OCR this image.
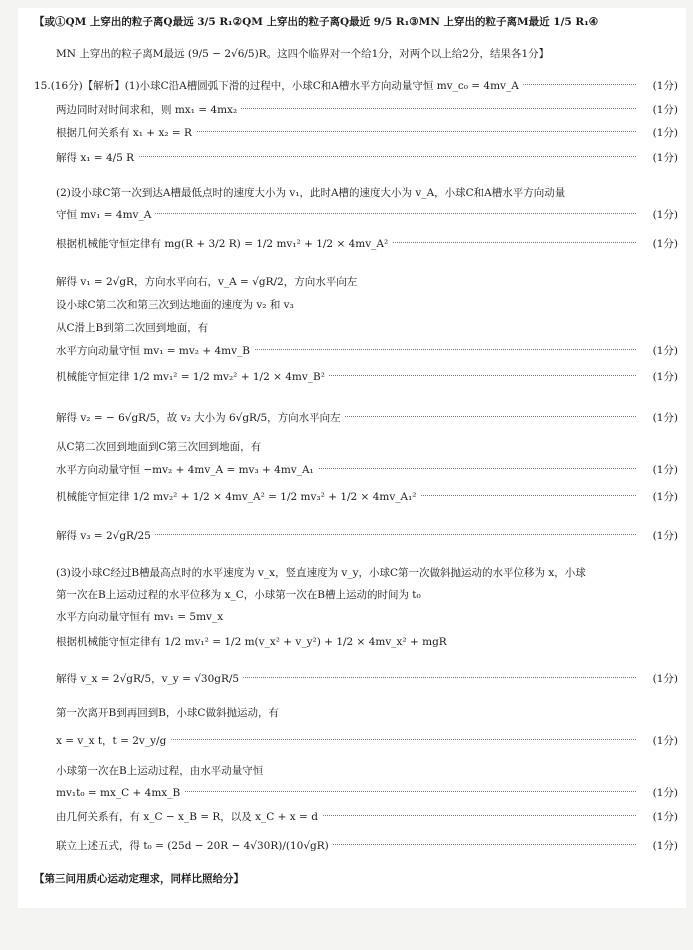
【或①QM 上穿出的粒子离Q最远 3/5 R₁②QM 上穿出的粒子离Q最近 9/5 R₁③MN 上穿出的粒子离M最近 1/5 R₁④
MN 上穿出的粒子离M最远 (9/5 − 2√6/5)R。这四个临界对一个给1分，对两个以上给2分，结果各1分】
15.(16分)【解析】(1)小球C沿A槽圆弧下滑的过程中，小球C和A槽水平方向动量守恒 mv_c₀ = 4mv_A	(1分)
两边同时对时间求和，则 mx₁ = 4mx₂	(1分)
根据几何关系有 x₁ + x₂ = R	(1分)
解得 x₁ = 4/5 R	(1分)
(2)设小球C第一次到达A槽最低点时的速度大小为 v₁，此时A槽的速度大小为 v_A，小球C和A槽水平方向动量
守恒 mv₁ = 4mv_A	(1分)
根据机械能守恒定律有 mg(R + 3/2 R) = 1/2 mv₁² + 1/2 × 4mv_A²	(1分)
解得 v₁ = 2√gR，方向水平向右，v_A = √gR/2，方向水平向左
设小球C第二次和第三次到达地面的速度为 v₂ 和 v₃
从C滑上B到第二次回到地面，有
水平方向动量守恒 mv₁ = mv₂ + 4mv_B	(1分)
机械能守恒定律 1/2 mv₁² = 1/2 mv₂² + 1/2 × 4mv_B²	(1分)
解得 v₂ = − 6√gR/5，故 v₂ 大小为 6√gR/5，方向水平向左	(1分)
从C第二次回到地面到C第三次回到地面，有
水平方向动量守恒 −mv₂ + 4mv_A = mv₃ + 4mv_A₁	(1分)
机械能守恒定律 1/2 mv₂² + 1/2 × 4mv_A² = 1/2 mv₃² + 1/2 × 4mv_A₁²	(1分)
解得 v₃ = 2√gR/25	(1分)
(3)设小球C经过B槽最高点时的水平速度为 v_x，竖直速度为 v_y，小球C第一次做斜抛运动的水平位移为 x，小球
第一次在B上运动过程的水平位移为 x_C，小球第一次在B槽上运动的时间为 t₀
水平方向动量守恒有 mv₁ = 5mv_x
根据机械能守恒定律有 1/2 mv₁² = 1/2 m(v_x² + v_y²) + 1/2 × 4mv_x² + mgR
解得 v_x = 2√gR/5，v_y = √30gR/5	(1分)
第一次离开B到再回到B，小球C做斜抛运动，有
x = v_x t，t = 2v_y/g	(1分)
小球第一次在B上运动过程，由水平动量守恒
mv₁t₀ = mx_C + 4mx_B	(1分)
由几何关系有，有 x_C − x_B = R，以及 x_C + x = d	(1分)
联立上述五式，得 t₀ = (25d − 20R − 4√30R)/(10√gR)	(1分)
【第三问用质心运动定理求，同样比照给分】
